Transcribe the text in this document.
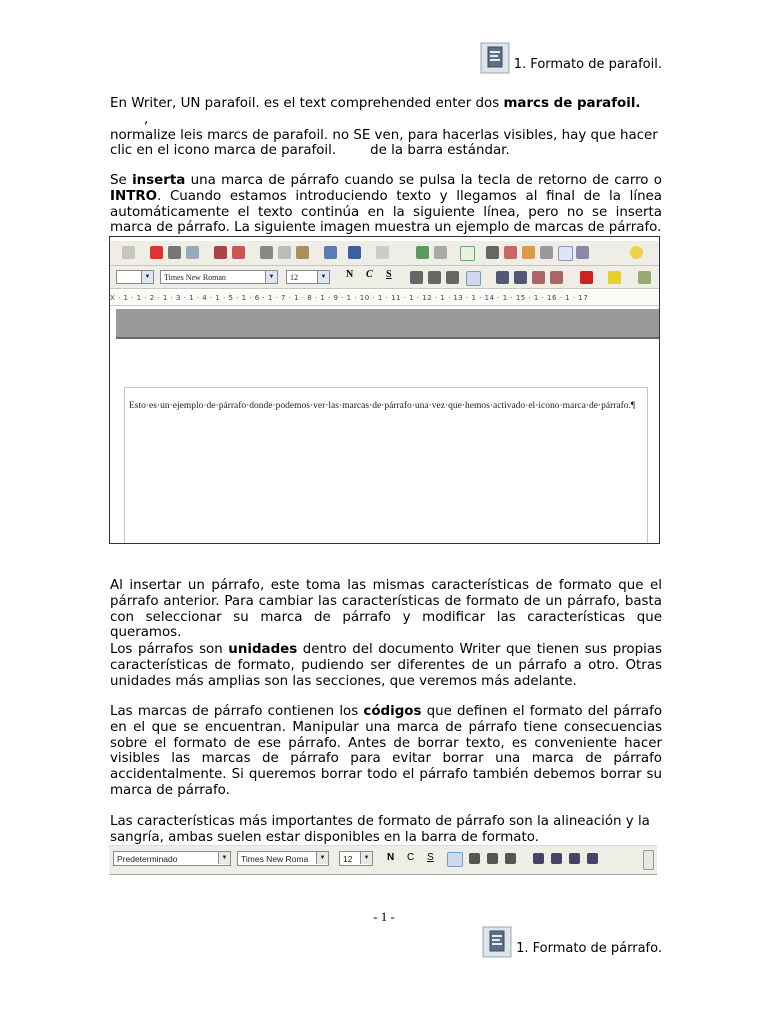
1. Formato de parafoil.
En Writer, UN parafoil. es el text comprehended enter dos marcs de parafoil.        ,
normalize leis marcs de parafoil. no SE ven, para hacerlas visibles, hay que hacer
clic en el icono marca de parafoil.        de la barra estándar.
Se inserta una marca de párrafo cuando se pulsa la tecla de retorno de carro o INTRO. Cuando estamos introduciendo texto y llegamos al final de la línea automáticamente el texto continúa en la siguiente línea, pero no se inserta marca de párrafo. La siguiente imagen muestra un ejemplo de marcas de párrafo.
▼	Times New Roman	▼	12	▼ N C S
X · 1 · 1 · 2 · 1 · 3 · 1 · 4 · 1 · 5 · 1 · 6 · 1 · 7 · 1 · 8 · 1 · 9 · 1 · 10 · 1 · 11 · 1 · 12 · 1 · 13 · 1 · 14 · 1 · 15 · 1 · 16 · 1 · 17
Esto·es·un·ejemplo·de·párrafo·donde·podemos·ver·las·marcas·de·párrafo·una·vez·que·hemos·activado·el·icono·marca·de·párrafo.¶
Al insertar un párrafo, este toma las mismas características de formato que el párrafo anterior. Para cambiar las características de formato de un párrafo, basta con seleccionar su marca de párrafo y modificar las características que queramos.
Los párrafos son unidades dentro del documento Writer que tienen sus propias características de formato, pudiendo ser diferentes de un párrafo a otro. Otras unidades más amplias son las secciones, que veremos más adelante.
Las marcas de párrafo contienen los códigos que definen el formato del párrafo en el que se encuentran. Manipular una marca de párrafo tiene consecuencias sobre el formato de ese párrafo. Antes de borrar texto, es conveniente hacer visibles las marcas de párrafo para evitar borrar una marca de párrafo accidentalmente. Si queremos borrar todo el párrafo también debemos borrar su marca de párrafo.
Las características más importantes de formato de párrafo son la alineación y la sangría, ambas suelen estar disponibles en la barra de formato.
Predeterminado	▼	Times New Roma	▼	12	▼ N C S
- 1 -
1. Formato de párrafo.
